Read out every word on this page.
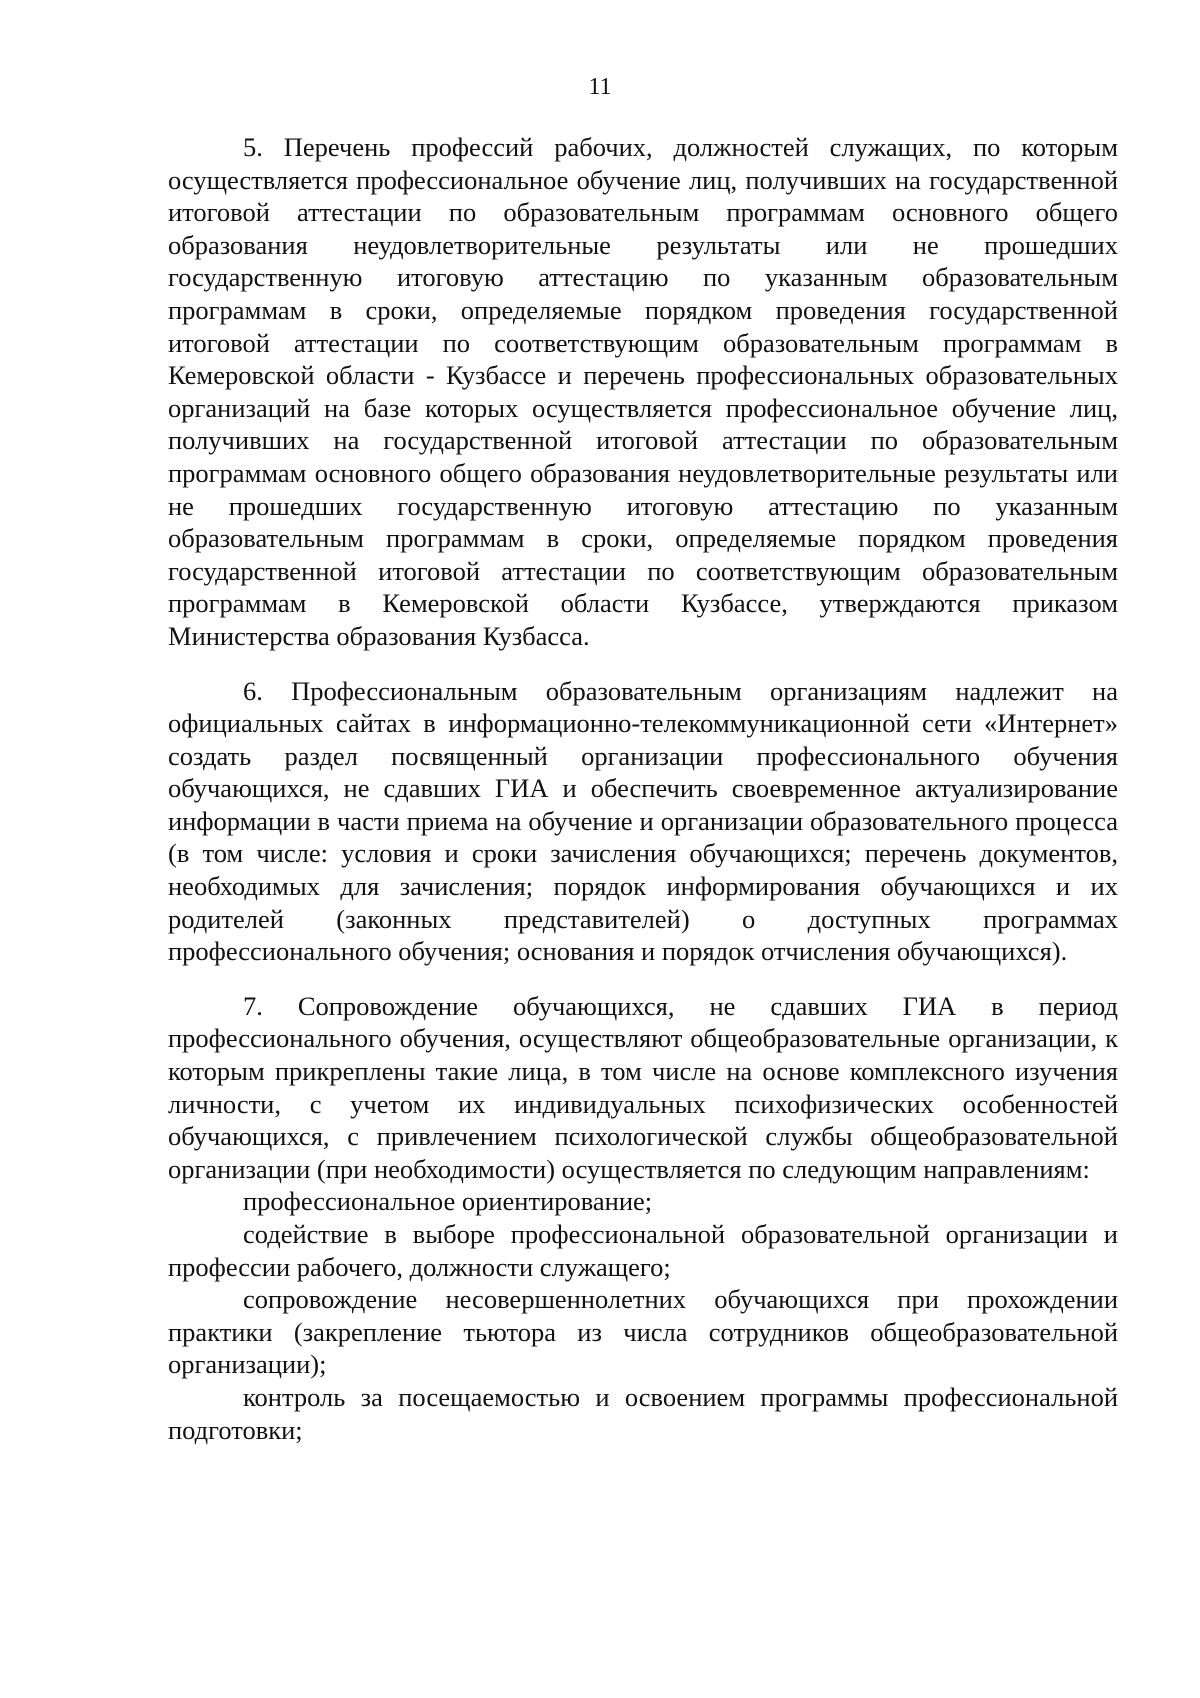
11

5. Перечень профессий рабочих, должностей служащих, по которым осуществляется профессиональное обучение лиц, получивших на государственной итоговой аттестации по образовательным программам основного общего образования неудовлетворительные результаты или не прошедших государственную итоговую аттестацию по указанным образовательным программам в сроки, определяемые порядком проведения государственной итоговой аттестации по соответствующим образовательным программам в Кемеровской области - Кузбассе и перечень профессиональных образовательных организаций на базе которых осуществляется профессиональное обучение лиц, получивших на государственной итоговой аттестации по образовательным программам основного общего образования неудовлетворительные результаты или не прошедших государственную итоговую аттестацию по указанным образовательным программам в сроки, определяемые порядком проведения государственной итоговой аттестации по соответствующим образовательным программам в Кемеровской области Кузбассе, утверждаются приказом Министерства образования Кузбасса.

6. Профессиональным образовательным организациям надлежит на официальных сайтах в информационно-телекоммуникационной сети «Интернет» создать раздел посвященный организации профессионального обучения обучающихся, не сдавших ГИА и обеспечить своевременное актуализирование информации в части приема на обучение и организации образовательного процесса (в том числе: условия и сроки зачисления обучающихся; перечень документов, необходимых для зачисления; порядок информирования обучающихся и их родителей (законных представителей) о доступных программах профессионального обучения; основания и порядок отчисления обучающихся).

7. Сопровождение обучающихся, не сдавших ГИА в период профессионального обучения, осуществляют общеобразовательные организации, к которым прикреплены такие лица, в том числе на основе комплексного изучения личности, с учетом их индивидуальных психофизических особенностей обучающихся, с привлечением психологической службы общеобразовательной организации (при необходимости) осуществляется по следующим направлениям:

профессиональное ориентирование;

содействие в выборе профессиональной образовательной организации и профессии рабочего, должности служащего;

сопровождение несовершеннолетних обучающихся при прохождении практики (закрепление тьютора из числа сотрудников общеобразовательной организации);

контроль за посещаемостью и освоением программы профессиональной подготовки;
